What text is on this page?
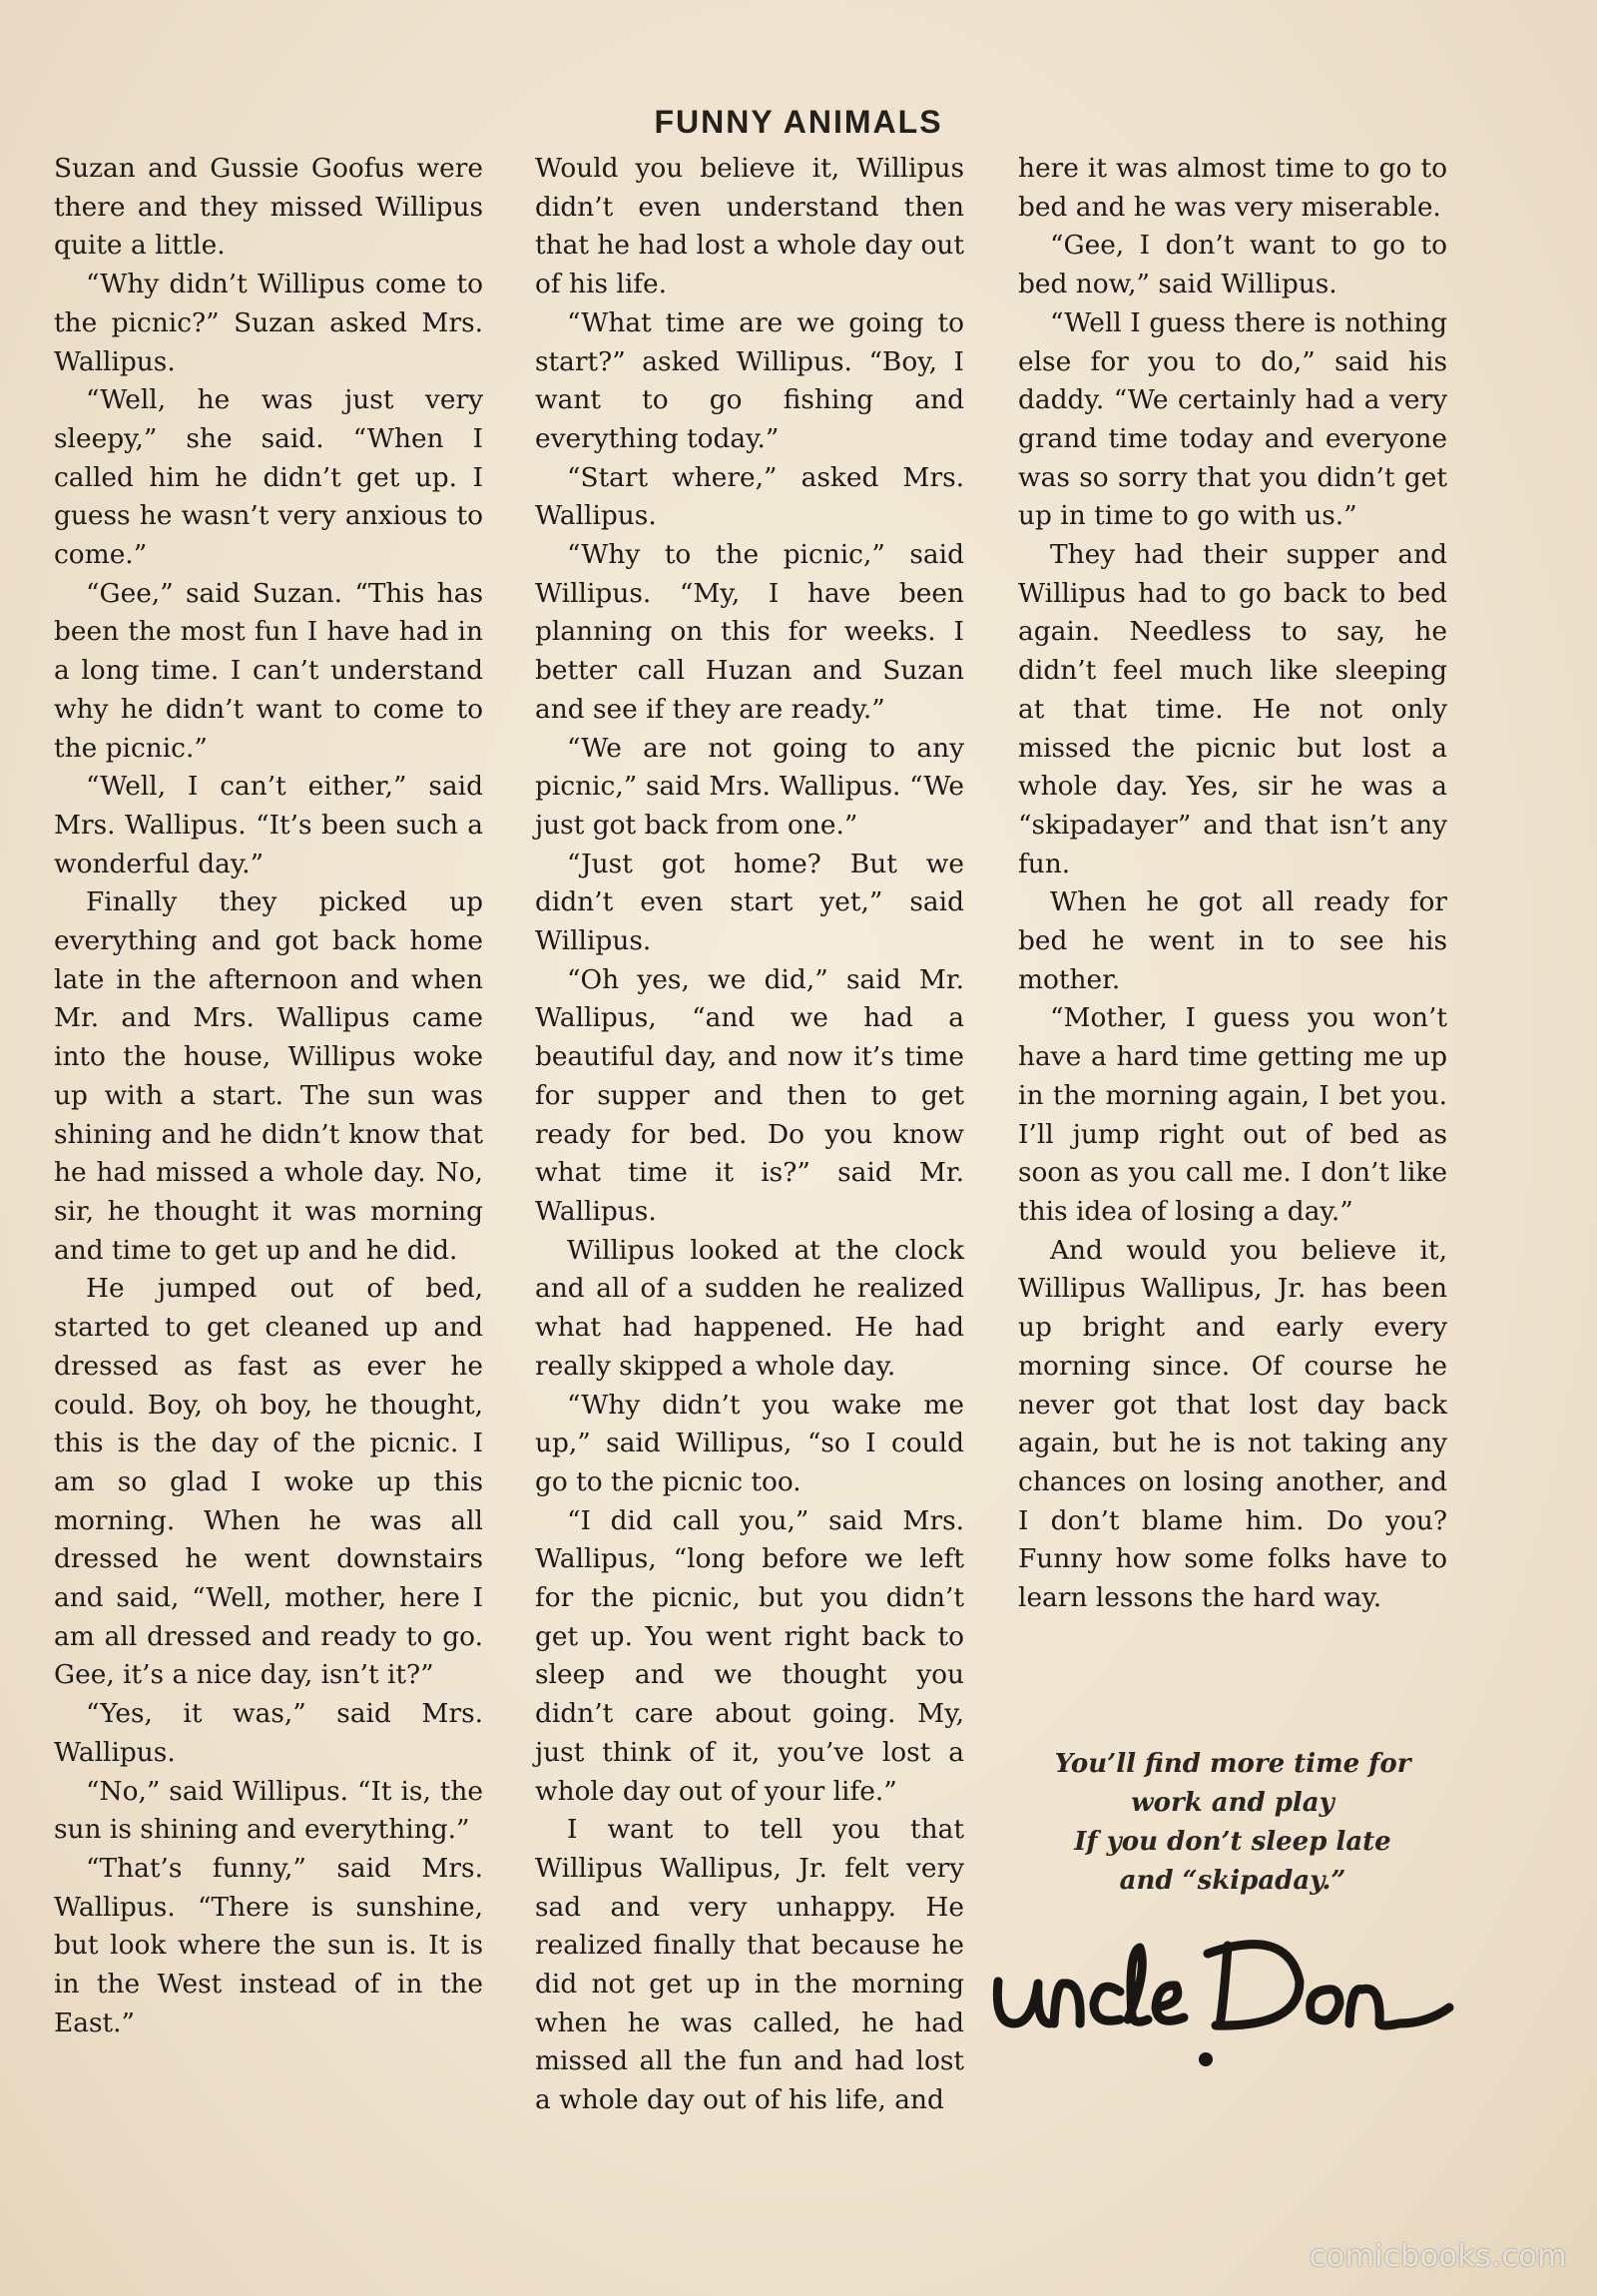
FUNNY ANIMALS

Suzan and Gussie Goofus were there and they missed Willipus quite a little.

“Why didn’t Willipus come to the picnic?” Suzan asked Mrs. Wallipus.

“Well, he was just very sleepy,” she said. “When I called him he didn’t get up. I guess he wasn’t very anxious to come.”

“Gee,” said Suzan. “This has been the most fun I have had in a long time. I can’t understand why he didn’t want to come to the picnic.”

“Well, I can’t either,” said Mrs. Wallipus. “It’s been such a wonderful day.”

Finally they picked up everything and got back home late in the afternoon and when Mr. and Mrs. Wallipus came into the house, Willipus woke up with a start. The sun was shining and he didn’t know that he had missed a whole day. No, sir, he thought it was morning and time to get up and he did.

He jumped out of bed, started to get cleaned up and dressed as fast as ever he could. Boy, oh boy, he thought, this is the day of the picnic. I am so glad I woke up this morning. When he was all dressed he went downstairs and said, “Well, mother, here I am all dressed and ready to go. Gee, it’s a nice day, isn’t it?”

“Yes, it was,” said Mrs. Wallipus.

“No,” said Willipus. “It is, the sun is shining and everything.”

“That’s funny,” said Mrs. Wallipus. “There is sunshine, but look where the sun is. It is in the West instead of in the East.”

Would you believe it, Willipus didn’t even understand then that he had lost a whole day out of his life.

“What time are we going to start?” asked Willipus. “Boy, I want to go fishing and everything today.”

“Start where,” asked Mrs. Wallipus.

“Why to the picnic,” said Willipus. “My, I have been planning on this for weeks. I better call Huzan and Suzan and see if they are ready.”

“We are not going to any picnic,” said Mrs. Wallipus. “We just got back from one.”

“Just got home? But we didn’t even start yet,” said Willipus.

“Oh yes, we did,” said Mr. Wallipus, “and we had a beautiful day, and now it’s time for supper and then to get ready for bed. Do you know what time it is?” said Mr. Wallipus.

Willipus looked at the clock and all of a sudden he realized what had happened. He had really skipped a whole day.

“Why didn’t you wake me up,” said Willipus, “so I could go to the picnic too.

“I did call you,” said Mrs. Wallipus, “long before we left for the picnic, but you didn’t get up. You went right back to sleep and we thought you didn’t care about going. My, just think of it, you’ve lost a whole day out of your life.”

I want to tell you that Willipus Wallipus, Jr. felt very sad and very unhappy. He realized finally that because he did not get up in the morning when he was called, he had missed all the fun and had lost a whole day out of his life, and

here it was almost time to go to bed and he was very miserable.

“Gee, I don’t want to go to bed now,” said Willipus.

“Well I guess there is nothing else for you to do,” said his daddy. “We certainly had a very grand time today and everyone was so sorry that you didn’t get up in time to go with us.”

They had their supper and Willipus had to go back to bed again. Needless to say, he didn’t feel much like sleeping at that time. He not only missed the picnic but lost a whole day. Yes, sir he was a “skipadayer” and that isn’t any fun.

When he got all ready for bed he went in to see his mother.

“Mother, I guess you won’t have a hard time getting me up in the morning again, I bet you. I’ll jump right out of bed as soon as you call me. I don’t like this idea of losing a day.”

And would you believe it, Willipus Wallipus, Jr. has been up bright and early every morning since. Of course he never got that lost day back again, but he is not taking any chances on losing another, and I don’t blame him. Do you? Funny how some folks have to learn lessons the hard way.

You’ll find more time for
work and play
If you don’t sleep late
and “skipaday.”
Uncle Don
comicbooks.com
